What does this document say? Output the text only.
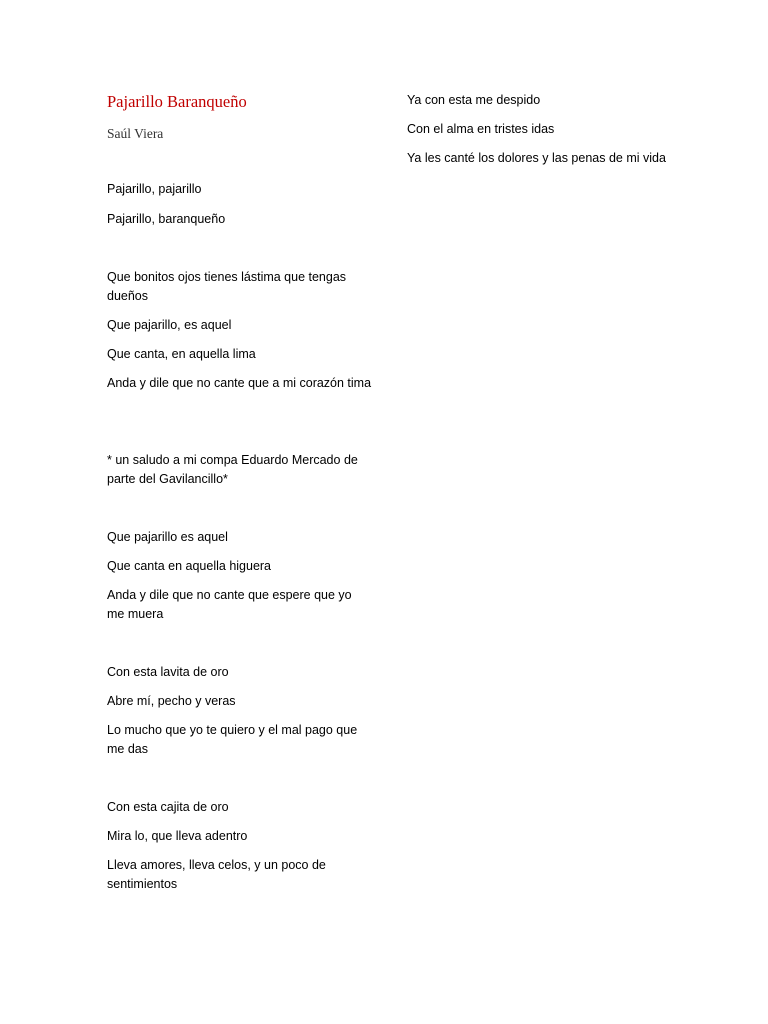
Pajarillo Baranqueño
Saúl Viera
Pajarillo, pajarillo
Pajarillo, baranqueño
Que bonitos ojos tienes lástima que tengas dueños
Que pajarillo, es aquel
Que canta, en aquella lima
Anda y dile que no cante que a mi corazón tima
* un saludo a mi compa Eduardo Mercado de parte del Gavilancillo*
Que pajarillo es aquel
Que canta en aquella higuera
Anda y dile que no cante que espere que yo me muera
Con esta lavita de oro
Abre mí, pecho y veras
Lo mucho que yo te quiero y el mal pago que me das
Con esta cajita de oro
Mira lo, que lleva adentro
Lleva amores, lleva celos, y un poco de sentimientos
Ya con esta me despido
Con el alma en tristes idas
Ya les canté los dolores y las penas de mi vida
